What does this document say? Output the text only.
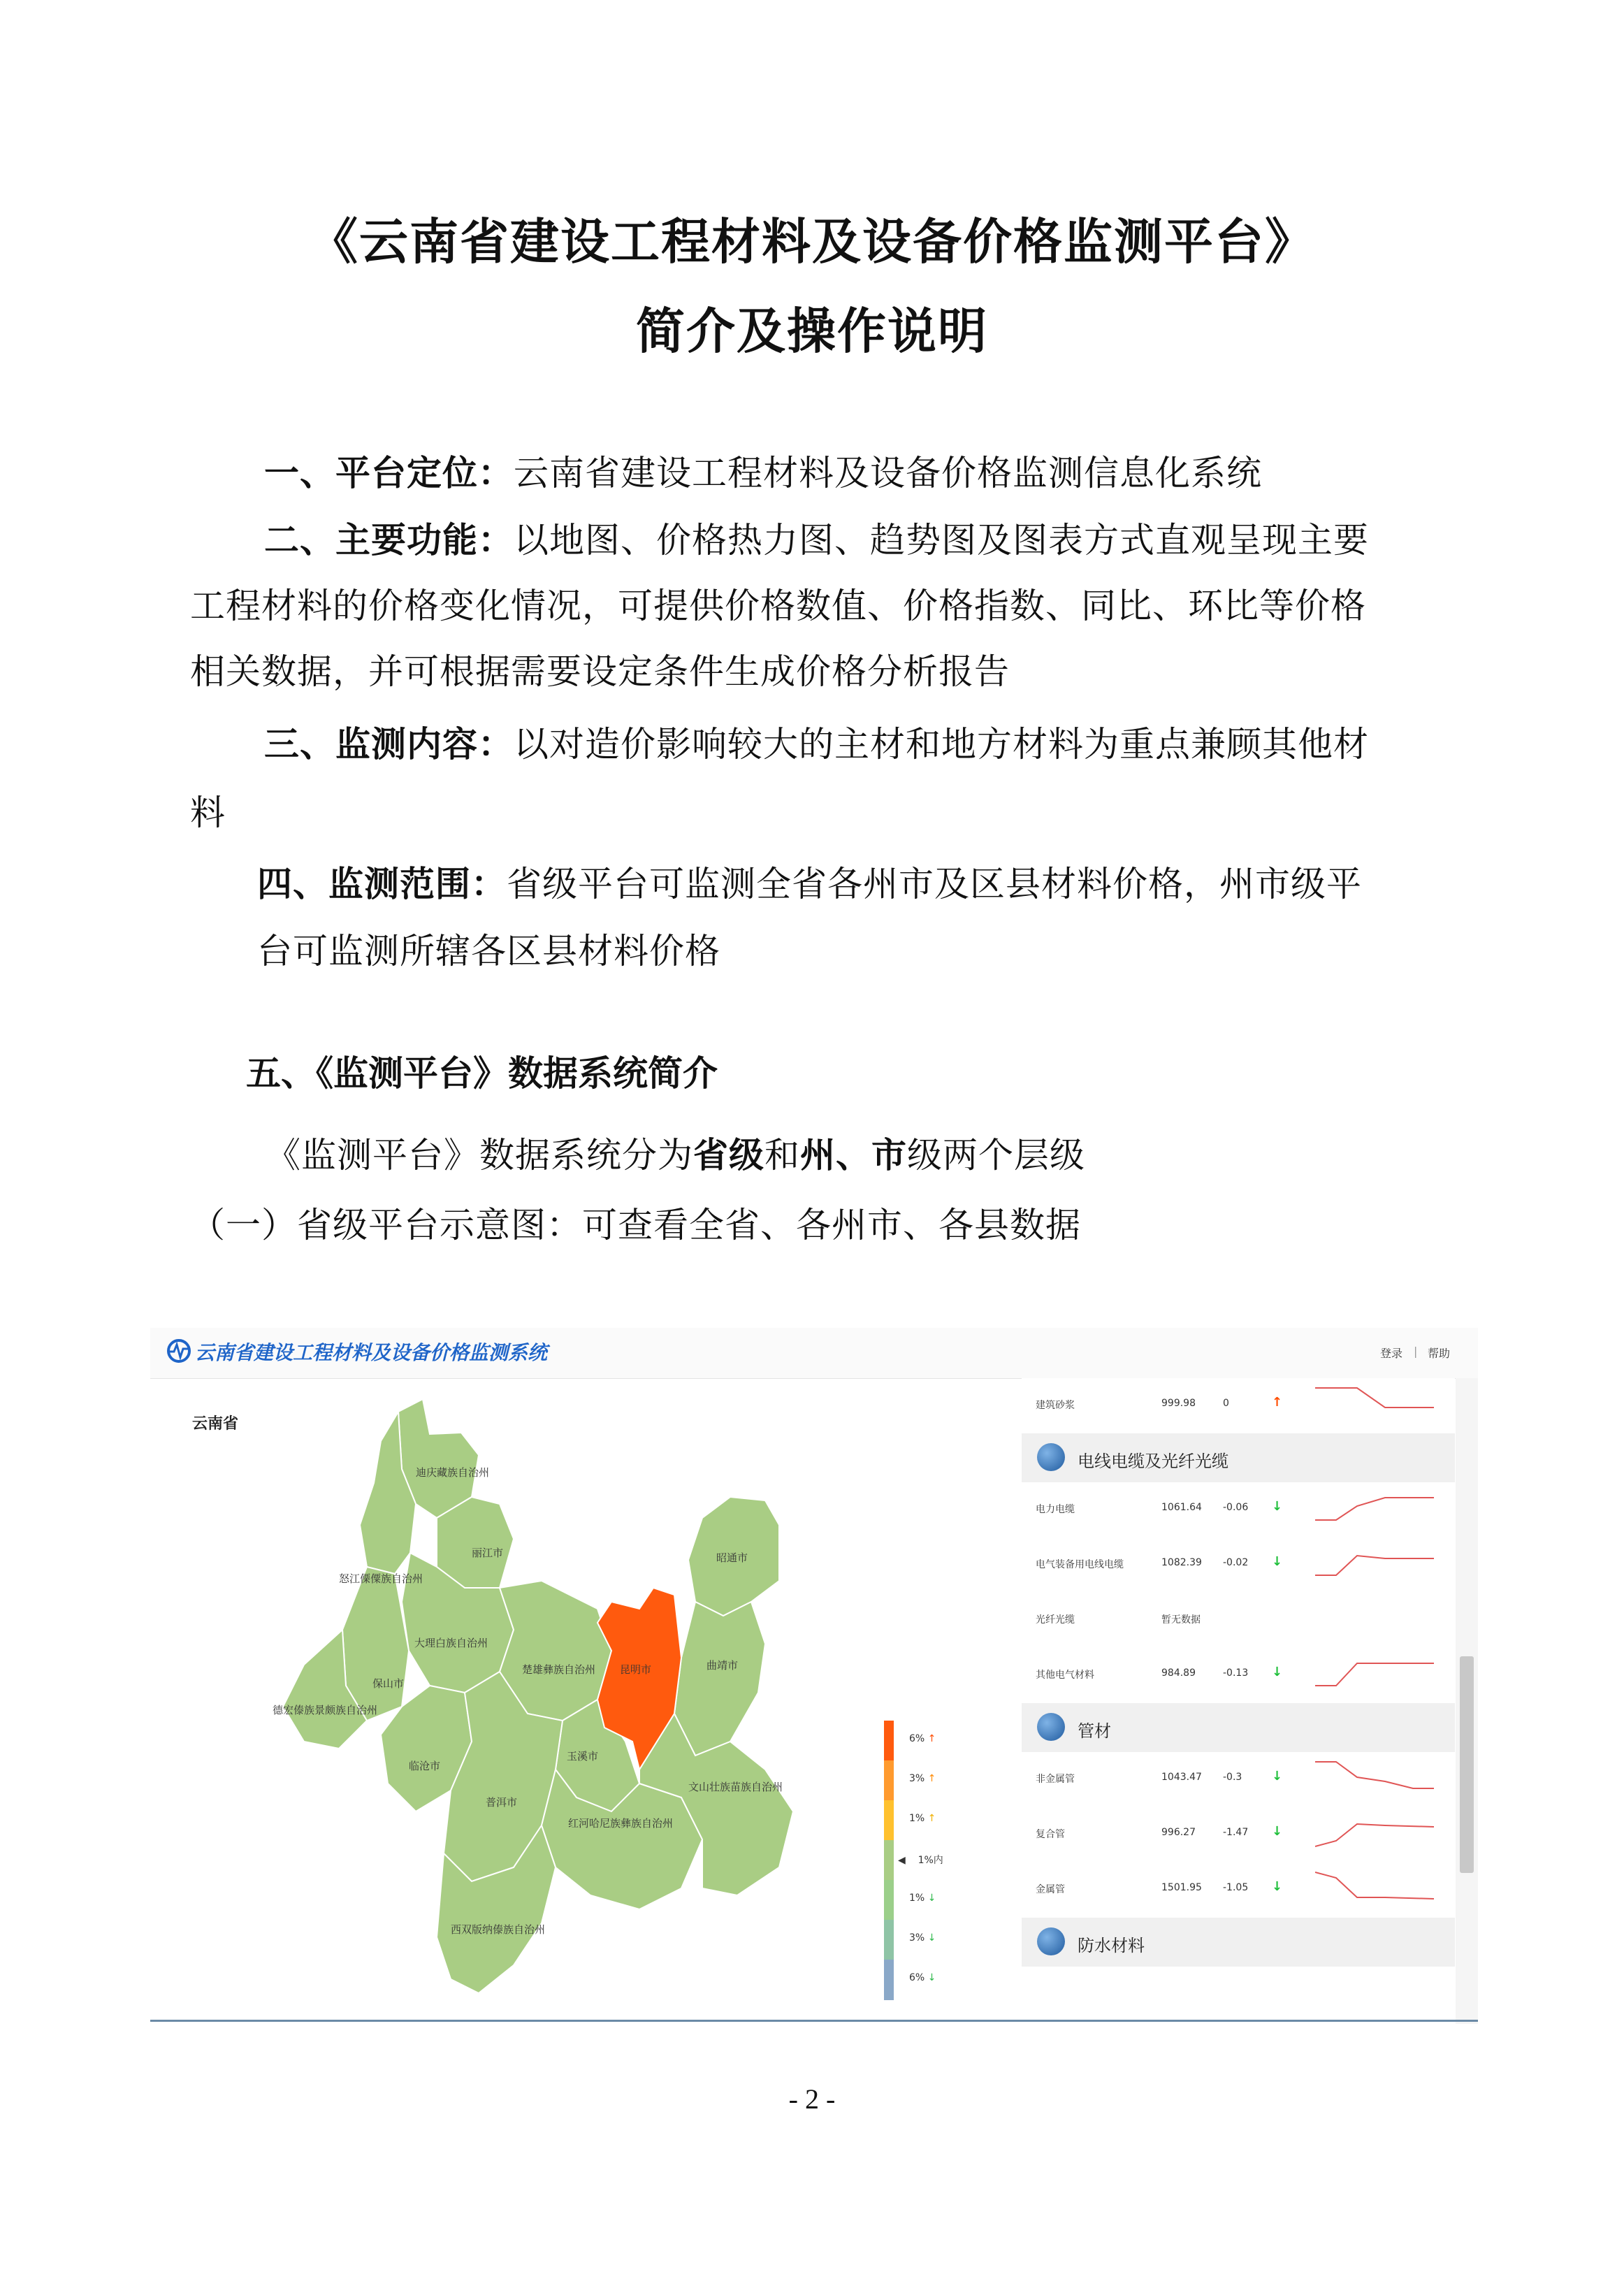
《云南省建设工程材料及设备价格监测平台》
简介及操作说明
一、平台定位：云南省建设工程材料及设备价格监测信息化系统
二、主要功能：以地图、价格热力图、趋势图及图表方式直观呈现主要
工程材料的价格变化情况，可提供价格数值、价格指数、同比、环比等价格
相关数据，并可根据需要设定条件生成价格分析报告
三、监测内容：以对造价影响较大的主材和地方材料为重点兼顾其他材
料
四、监测范围：省级平台可监测全省各州市及区县材料价格，州市级平
台可监测所辖各区县材料价格
五、《监测平台》数据系统简介
《监测平台》数据系统分为省级和州、市级两个层级
（一）省级平台示意图：可查看全省、各州市、各县数据
云南省建设工程材料及设备价格监测系统	登录 | 帮助
云南省
迪庆藏族自治州
丽江市
怒江傈僳族自治州
昭通市
大理白族自治州
楚雄彝族自治州 昆明市	曲靖市
保山市
德宏傣族景颇族自治州
玉溪市
临沧市
普洱市
红河哈尼族彝族自治州
文山壮族苗族自治州
西双版纳傣族自治州
6% ↑
3% ↑
1% ↑
◀    1%内
1% ↓
3% ↓
6% ↓
建筑砂浆	999.98	0	↑
电线电缆及光纤光缆
电力电缆	1061.64 -0.06 ↓
电气装备用电线电缆	1082.39 -0.02 ↓
光纤光缆	暂无数据
其他电气材料	984.89	-0.13 ↓
管材
非金属管	1043.47 -0.3 ↓
复合管	996.27	-1.47 ↓
金属管	1501.95 -1.05 ↓
防水材料
- 2 -
